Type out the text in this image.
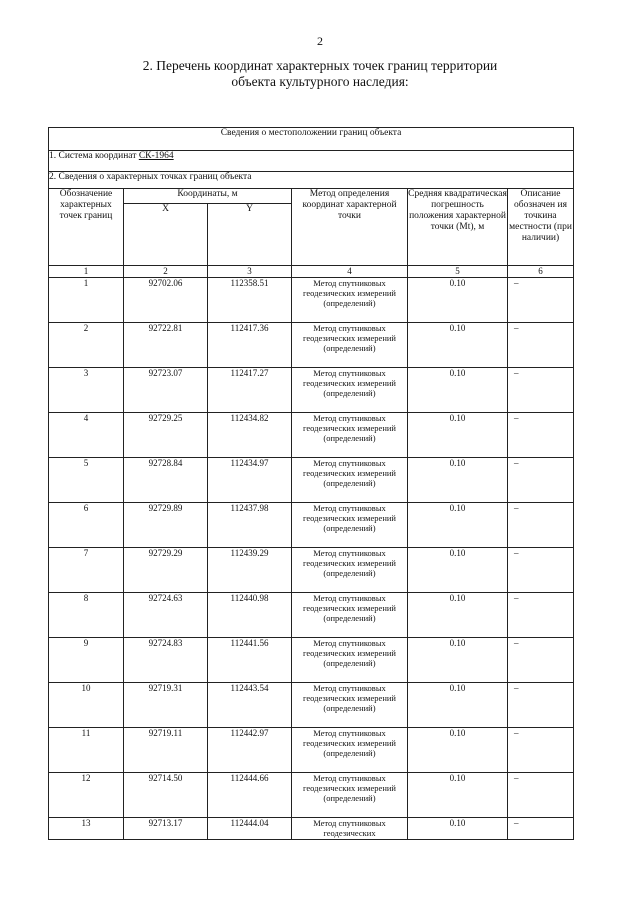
2
2. Перечень координат характерных точек границ территории
объекта культурного наследия:
Сведения о местоположении границ объекта					
1. Система координат СК-1964					
2. Сведения о характерных точках границ объекта					
Обозначение характерных точек границ	Координаты, м		Метод определения координат характерной точки	Средняя квадратическая погрешность положения характерной точки (Mt), м	Описание обозначен ия точкина местности (при наличии)
	X	Y			
1	2	3	4	5	6
1	92702.06	112358.51	Метод спутниковых геодезических измерений (определений)	0.10	–
2	92722.81	112417.36	Метод спутниковых геодезических измерений (определений)	0.10	–
3	92723.07	112417.27	Метод спутниковых геодезических измерений (определений)	0.10	–
4	92729.25	112434.82	Метод спутниковых геодезических измерений (определений)	0.10	–
5	92728.84	112434.97	Метод спутниковых геодезических измерений (определений)	0.10	–
6	92729.89	112437.98	Метод спутниковых геодезических измерений (определений)	0.10	–
7	92729.29	112439.29	Метод спутниковых геодезических измерений (определений)	0.10	–
8	92724.63	112440.98	Метод спутниковых геодезических измерений (определений)	0.10	–
9	92724.83	112441.56	Метод спутниковых геодезических измерений (определений)	0.10	–
10	92719.31	112443.54	Метод спутниковых геодезических измерений (определений)	0.10	–
11	92719.11	112442.97	Метод спутниковых геодезических измерений (определений)	0.10	–
12	92714.50	112444.66	Метод спутниковых геодезических измерений (определений)	0.10	–
13	92713.17	112444.04	Метод спутниковых геодезических	0.10	–
